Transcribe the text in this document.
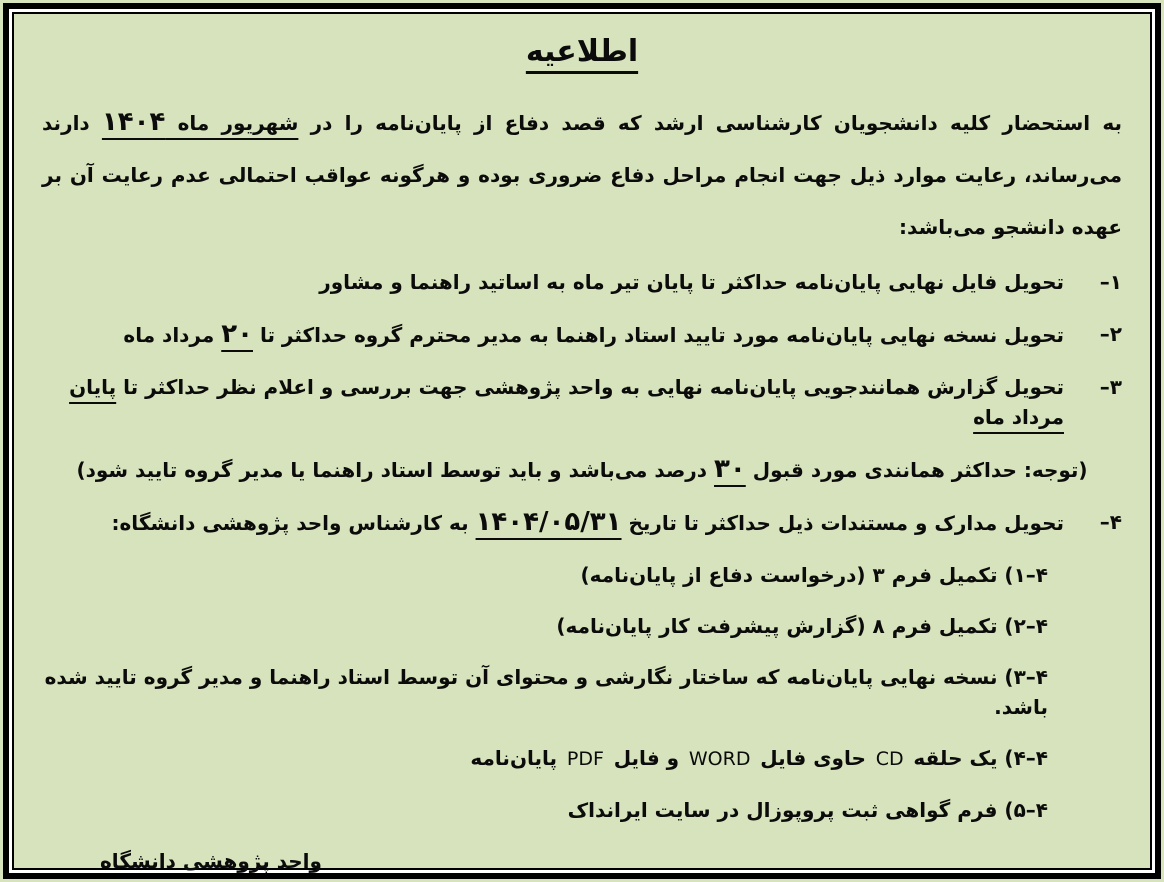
اطلاعیه

به استحضار کلیه دانشجویان کارشناسی ارشد که قصد دفاع از پایان‌نامه را در شهریور ماه ۱۴۰۴ دارند می‌رساند، رعایت موارد ذیل جهت انجام مراحل دفاع ضروری بوده و هرگونه عواقب احتمالی عدم رعایت آن بر عهده دانشجو می‌باشد:

۱–
تحویل فایل نهایی پایان‌نامه حداکثر تا پایان تیر ماه به اساتید راهنما و مشاور
۲–
تحویل نسخه نهایی پایان‌نامه مورد تایید استاد راهنما به مدیر محترم گروه حداکثر تا ۲۰ مرداد ماه
۳–
تحویل گزارش همانندجویی پایان‌نامه نهایی به واحد پژوهشی جهت بررسی و اعلام نظر حداکثر تا پایان مرداد ماه
(توجه: حداکثر همانندی مورد قبول ۳۰ درصد می‌باشد و باید توسط استاد راهنما یا مدیر گروه تایید شود)
۴–
تحویل مدارک و مستندات ذیل حداکثر تا تاریخ ۱۴۰۴/۰۵/۳۱ به کارشناس واحد پژوهشی دانشگاه:
۴–۱) تکمیل فرم ۳ (درخواست دفاع از پایان‌نامه)
۴–۲) تکمیل فرم ۸ (گزارش پیشرفت کار پایان‌نامه)
۴–۳) نسخه نهایی پایان‌نامه که ساختار نگارشی و محتوای آن توسط استاد راهنما و مدیر گروه تایید شده باشد.
۴–۴) یک حلقه CD حاوی فایل WORD و فایل PDF پایان‌نامه
۴–۵) فرم گواهی ثبت پروپوزال در سایت ایرانداک
واحد پژوهشی دانشگاه
